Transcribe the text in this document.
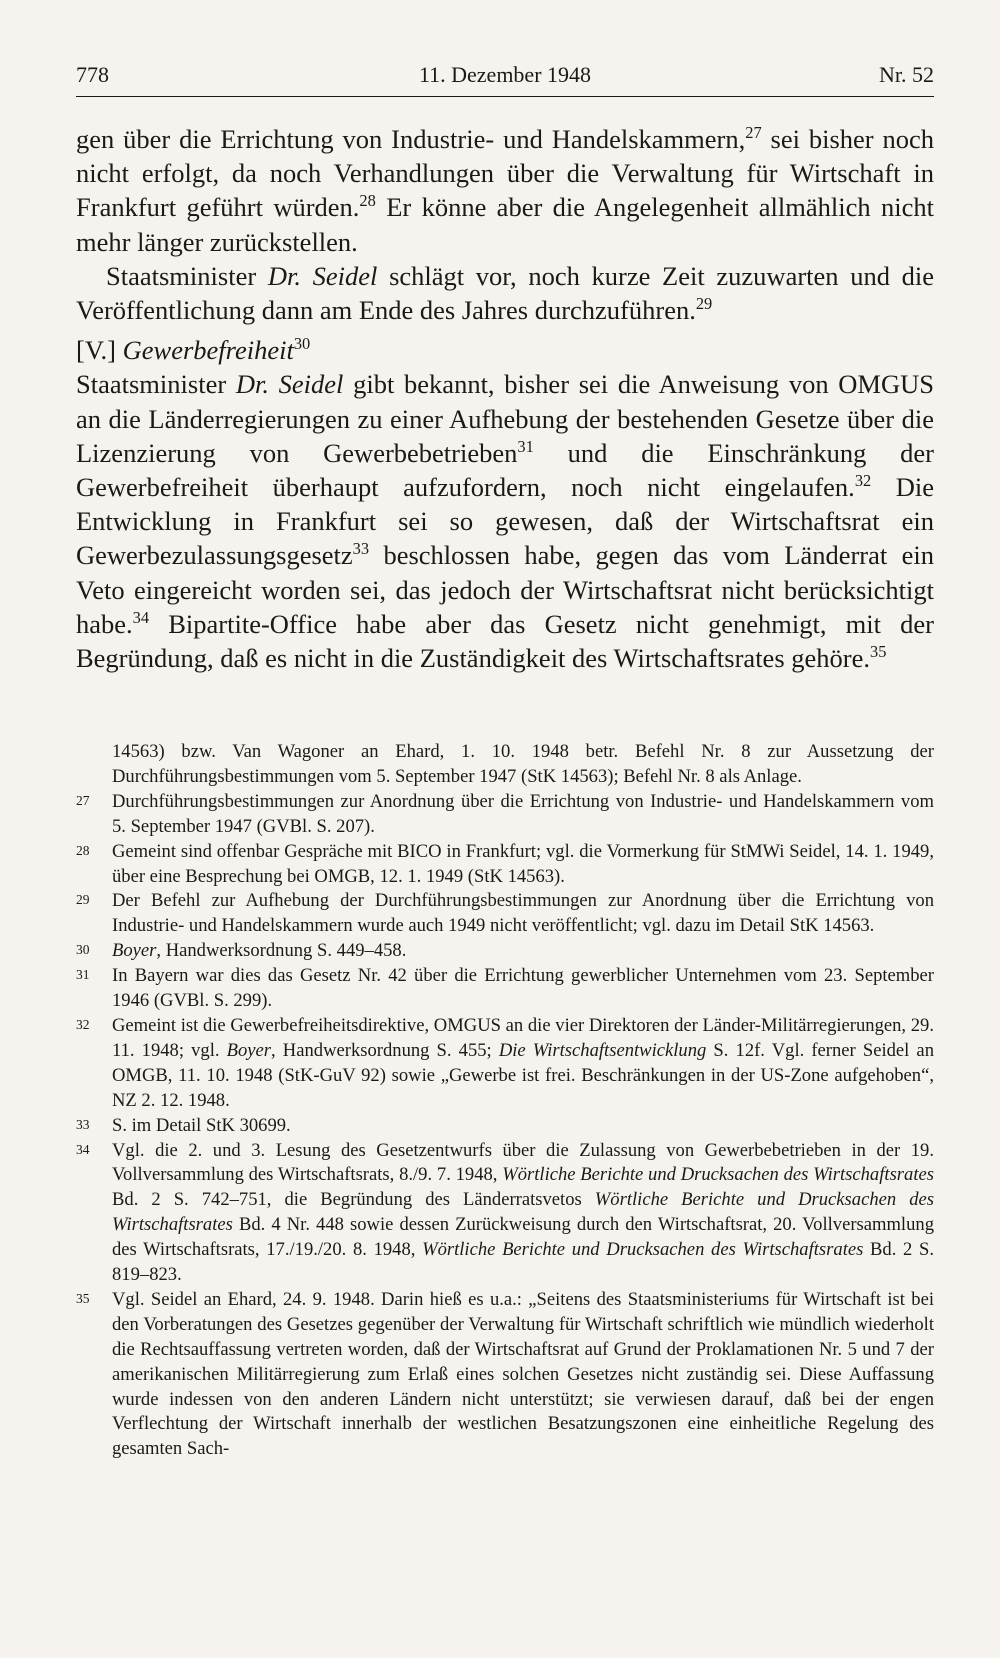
778	11. Dezember 1948	Nr. 52

gen über die Errichtung von Industrie- und Handelskammern,$^{27}$ sei bisher noch nicht erfolgt, da noch Verhandlungen über die Verwaltung für Wirtschaft in Frankfurt geführt würden.$^{28}$ Er könne aber die Angelegenheit allmählich nicht mehr länger zurückstellen.

Staatsminister Dr. Seidel schlägt vor, noch kurze Zeit zuzuwarten und die Veröffentlichung dann am Ende des Jahres durchzuführen.$^{29}$

[V.] Gewerbefreiheit$^{30}$

Staatsminister Dr. Seidel gibt bekannt, bisher sei die Anweisung von OMGUS an die Länderregierungen zu einer Aufhebung der bestehenden Gesetze über die Lizenzierung von Gewerbebetrieben$^{31}$ und die Einschränkung der Gewerbefreiheit überhaupt aufzufordern, noch nicht eingelaufen.$^{32}$ Die Entwicklung in Frankfurt sei so gewesen, daß der Wirtschaftsrat ein Gewerbezulassungsgesetz$^{33}$ beschlossen habe, gegen das vom Länderrat ein Veto eingereicht worden sei, das jedoch der Wirtschaftsrat nicht berücksichtigt habe.$^{34}$ Bipartite-Office habe aber das Gesetz nicht genehmigt, mit der Begründung, daß es nicht in die Zuständigkeit des Wirtschaftsrates gehöre.$^{35}$

14563) bzw. Van Wagoner an Ehard, 1. 10. 1948 betr. Befehl Nr. 8 zur Aussetzung der Durchführungsbestimmungen vom 5. September 1947 (StK 14563); Befehl Nr. 8 als Anlage.
27 Durchführungsbestimmungen zur Anordnung über die Errichtung von Industrie- und Handelskammern vom 5. September 1947 (GVBl. S. 207).
28 Gemeint sind offenbar Gespräche mit BICO in Frankfurt; vgl. die Vormerkung für StMWi Seidel, 14. 1. 1949, über eine Besprechung bei OMGB, 12. 1. 1949 (StK 14563).
29 Der Befehl zur Aufhebung der Durchführungsbestimmungen zur Anordnung über die Errichtung von Industrie- und Handelskammern wurde auch 1949 nicht veröffentlicht; vgl. dazu im Detail StK 14563.
30 Boyer, Handwerksordnung S. 449–458.
31 In Bayern war dies das Gesetz Nr. 42 über die Errichtung gewerblicher Unternehmen vom 23. September 1946 (GVBl. S. 299).
32 Gemeint ist die Gewerbefreiheitsdirektive, OMGUS an die vier Direktoren der Länder-Militärregierungen, 29. 11. 1948; vgl. Boyer, Handwerksordnung S. 455; Die Wirtschaftsentwicklung S. 12f. Vgl. ferner Seidel an OMGB, 11. 10. 1948 (StK-GuV 92) sowie „Gewerbe ist frei. Beschränkungen in der US-Zone aufgehoben“, NZ 2. 12. 1948.
33 S. im Detail StK 30699.
34 Vgl. die 2. und 3. Lesung des Gesetzentwurfs über die Zulassung von Gewerbebetrieben in der 19. Vollversammlung des Wirtschaftsrats, 8./9. 7. 1948, Wörtliche Berichte und Drucksachen des Wirtschaftsrates Bd. 2 S. 742–751, die Begründung des Länderratsvetos Wörtliche Berichte und Drucksachen des Wirtschaftsrates Bd. 4 Nr. 448 sowie dessen Zurückweisung durch den Wirtschaftsrat, 20. Vollversammlung des Wirtschaftsrats, 17./19./20. 8. 1948, Wörtliche Berichte und Drucksachen des Wirtschaftsrates Bd. 2 S. 819–823.
35 Vgl. Seidel an Ehard, 24. 9. 1948. Darin hieß es u.a.: „Seitens des Staatsministeriums für Wirtschaft ist bei den Vorberatungen des Gesetzes gegenüber der Verwaltung für Wirtschaft schriftlich wie mündlich wiederholt die Rechtsauffassung vertreten worden, daß der Wirtschaftsrat auf Grund der Proklamationen Nr. 5 und 7 der amerikanischen Militärregierung zum Erlaß eines solchen Gesetzes nicht zuständig sei. Diese Auffassung wurde indessen von den anderen Ländern nicht unterstützt; sie verwiesen darauf, daß bei der engen Verflechtung der Wirtschaft innerhalb der westlichen Besatzungszonen eine einheitliche Regelung des gesamten Sach-
